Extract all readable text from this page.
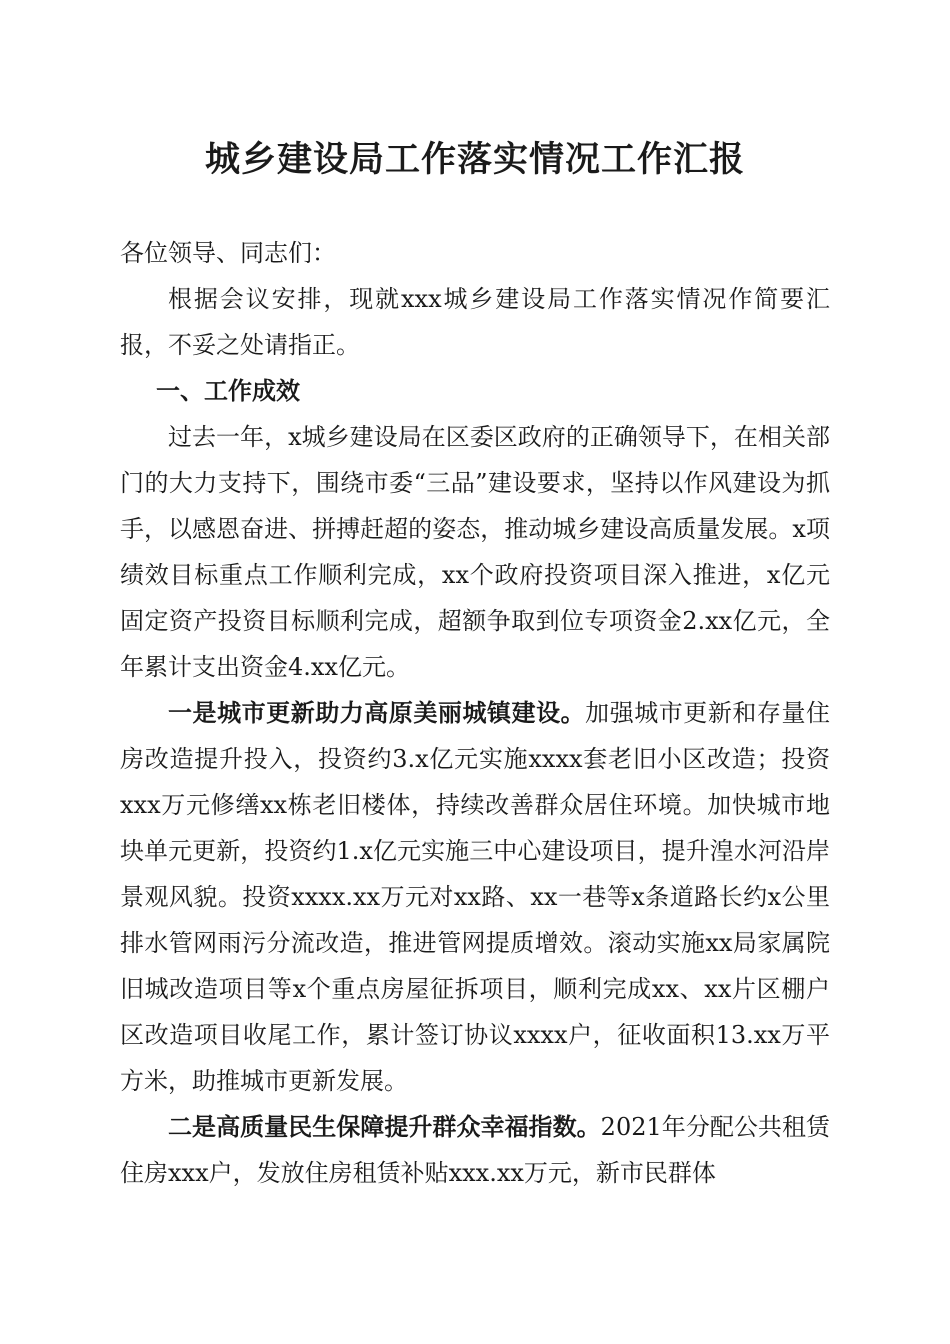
城乡建设局工作落实情况工作汇报

各位领导、同志们：

根据会议安排，现就xxx城乡建设局工作落实情况作简要汇报，不妥之处请指正。

一、工作成效

过去一年，x城乡建设局在区委区政府的正确领导下，在相关部门的大力支持下，围绕市委“三品”建设要求，坚持以作风建设为抓手，以感恩奋进、拼搏赶超的姿态，推动城乡建设高质量发展。x项绩效目标重点工作顺利完成，xx个政府投资项目深入推进，x亿元固定资产投资目标顺利完成，超额争取到位专项资金2.xx亿元，全年累计支出资金4.xx亿元。

一是城市更新助力高原美丽城镇建设。加强城市更新和存量住房改造提升投入，投资约3.x亿元实施xxxx套老旧小区改造；投资xxx万元修缮xx栋老旧楼体，持续改善群众居住环境。加快城市地块单元更新，投资约1.x亿元实施三中心建设项目，提升湟水河沿岸景观风貌。投资xxxx.xx万元对xx路、xx一巷等x条道路长约x公里排水管网雨污分流改造，推进管网提质增效。滚动实施xx局家属院旧城改造项目等x个重点房屋征拆项目，顺利完成xx、xx片区棚户区改造项目收尾工作，累计签订协议xxxx户，征收面积13.xx万平方米，助推城市更新发展。

二是高质量民生保障提升群众幸福指数。2021年分配公共租赁住房xxx户，发放住房租赁补贴xxx.xx万元，新市民群体
